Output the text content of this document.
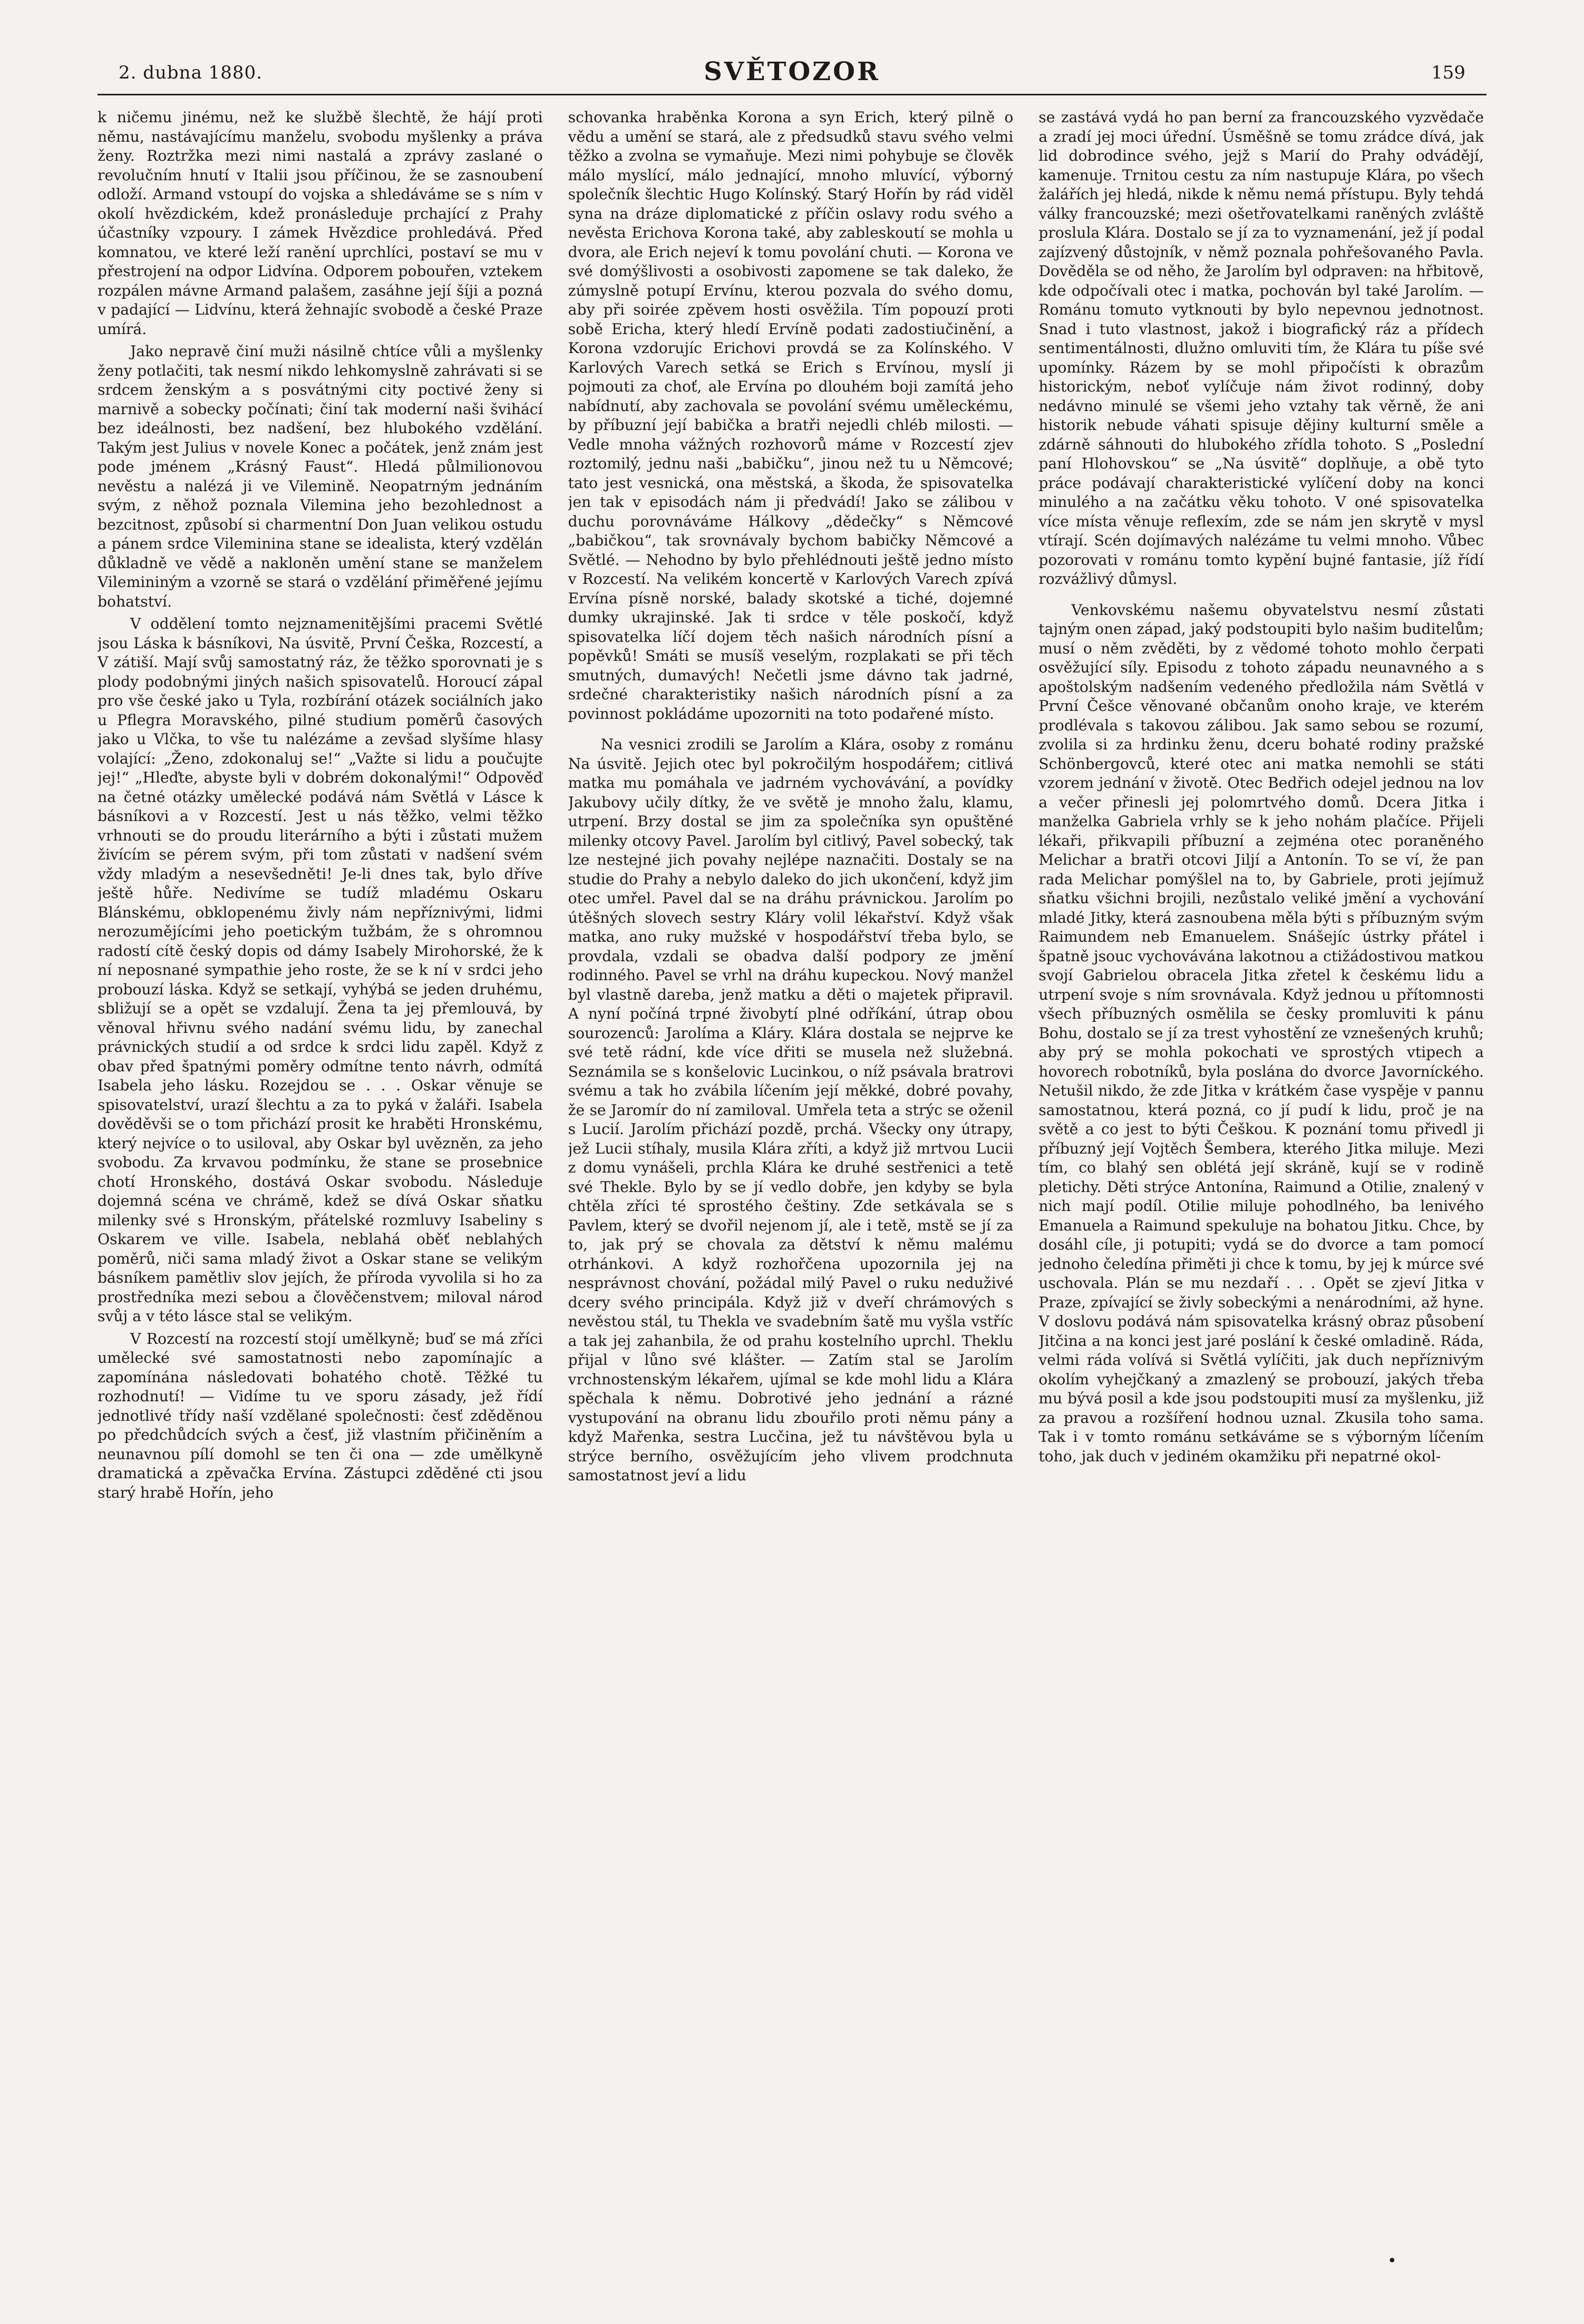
2. dubna 1880.	SVĚTOZOR	159

k ničemu jinému, než ke službě šlechtě, že hájí proti němu, nastávajícímu manželu, svobodu myšlenky a práva ženy. Roztržka mezi nimi nastalá a zprávy zaslané o revolučním hnutí v Italii jsou příčinou, že se zasnoubení odloží. Armand vstoupí do vojska a shledáváme se s ním v okolí hvězdickém, kdež pronásleduje prchající z Prahy účastníky vzpoury. I zámek Hvězdice prohledává. Před komnatou, ve které leží ranění uprchlíci, postaví se mu v přestrojení na odpor Lidvína. Odporem pobouřen, vztekem rozpálen mávne Armand palašem, zasáhne její šíji a pozná v padající — Lidvínu, která žehnajíc svobodě a české Praze umírá.

Jako nepravě činí muži násilně chtíce vůli a myšlenky ženy potlačiti, tak nesmí nikdo lehkomyslně zahrávati si se srdcem ženským a s posvátnými city poctivé ženy si marnivě a sobecky počínati; činí tak moderní naši švihácí bez ideálnosti, bez nadšení, bez hlubokého vzdělání. Takým jest Julius v novele Konec a počátek, jenž znám jest pode jménem „Krásný Faust“. Hledá půlmilionovou nevěstu a nalézá ji ve Vilemině. Neopatrným jednáním svým, z něhož poznala Vilemina jeho bezohlednost a bezcitnost, způsobí si charmentní Don Juan velikou ostudu a pánem srdce Vileminina stane se idealista, který vzdělán důkladně ve vědě a nakloněn umění stane se manželem Vilemininým a vzorně se stará o vzdělání přiměřené jejímu bohatství.

V oddělení tomto nejznamenitějšími pracemi Světlé jsou Láska k básníkovi, Na úsvitě, První Češka, Rozcestí, a V zátiší. Mají svůj samostatný ráz, že těžko sporovnati je s plody podobnými jiných našich spisovatelů. Horoucí zápal pro vše české jako u Tyla, rozbírání otázek sociálních jako u Pflegra Moravského, pilné studium poměrů časových jako u Vlčka, to vše tu nalézáme a zevšad slyšíme hlasy volající: „Ženo, zdokonaluj se!“ „Važte si lidu a poučujte jej!“ „Hleďte, abyste byli v dobrém dokonalými!“ Odpověď na četné otázky umělecké podává nám Světlá v Lásce k básníkovi a v Rozcestí. Jest u nás těžko, velmi těžko vrhnouti se do proudu literárního a býti i zůstati mužem živícím se pérem svým, při tom zůstati v nadšení svém vždy mladým a nesevšedněti! Je-li dnes tak, bylo dříve ještě hůře. Nedivíme se tudíž mladému Oskaru Blánskému, obklopenému živly nám nepříznivými, lidmi nerozumějícími jeho poetickým tužbám, že s ohromnou radostí cítě český dopis od dámy Isabely Mirohorské, že k ní neposnané sympathie jeho roste, že se k ní v srdci jeho probouzí láska. Když se setkají, vyhýbá se jeden druhému, sbližují se a opět se vzdalují. Žena ta jej přemlouvá, by věnoval hřivnu svého nadání svému lidu, by zanechal právnických studií a od srdce k srdci lidu zapěl. Když z obav před špatnými poměry odmítne tento návrh, odmítá Isabela jeho lásku. Rozejdou se . . . Oskar věnuje se spisovatelství, urazí šlechtu a za to pyká v žaláři. Isabela dověděvši se o tom přichází prosit ke hraběti Hronskému, který nejvíce o to usiloval, aby Oskar byl uvězněn, za jeho svobodu. Za krvavou podmínku, že stane se prosebnice chotí Hronského, dostává Oskar svobodu. Následuje dojemná scéna ve chrámě, kdež se dívá Oskar sňatku milenky své s Hronským, přátelské rozmluvy Isabeliny s Oskarem ve ville. Isabela, neblahá oběť neblahých poměrů, niči sama mladý život a Oskar stane se velikým básníkem pamětliv slov jejích, že příroda vyvolila si ho za prostředníka mezi sebou a člověčenstvem; miloval národ svůj a v této lásce stal se velikým.

V Rozcestí na rozcestí stojí umělkyně; buď se má zříci umělecké své samostatnosti nebo zapomínajíc a zapomínána následovati bohatého chotě. Těžké tu rozhodnutí! — Vidíme tu ve sporu zásady, jež řídí jednotlivé třídy naší vzdělané společnosti: česť zděděnou po předchůdcích svých a česť, již vlastním přičiněním a neunavnou pílí domohl se ten či ona — zde umělkyně dramatická a zpěvačka Ervína. Zástupci zděděné cti jsou starý hrabě Hořín, jeho

schovanka hraběnka Korona a syn Erich, který pilně o vědu a umění se stará, ale z předsudků stavu svého velmi těžko a zvolna se vymaňuje. Mezi nimi pohybuje se člověk málo myslící, málo jednající, mnoho mluvící, výborný společník šlechtic Hugo Kolínský. Starý Hořín by rád viděl syna na dráze diplomatické z příčin oslavy rodu svého a nevěsta Erichova Korona také, aby zableskoutí se mohla u dvora, ale Erich nejeví k tomu povolání chuti. — Korona ve své domýšlivosti a osobivosti zapomene se tak daleko, že zúmyslně potupí Ervínu, kterou pozvala do svého domu, aby při soirée zpěvem hosti osvěžila. Tím popouzí proti sobě Ericha, který hledí Ervíně podati zadostiučinění, a Korona vzdorujíc Erichovi provdá se za Kolínského. V Karlových Varech setká se Erich s Ervínou, myslí ji pojmouti za choť, ale Ervína po dlouhém boji zamítá jeho nabídnutí, aby zachovala se povolání svému uměleckému, by příbuzní její babička a bratři nejedli chléb milosti. — Vedle mnoha vážných rozhovorů máme v Rozcestí zjev roztomilý, jednu naši „babičku“, jinou než tu u Němcové; tato jest vesnická, ona městská, a škoda, že spisovatelka jen tak v episodách nám ji předvádí! Jako se zálibou v duchu porovnáváme Hálkovy „dědečky“ s Němcové „babičkou“, tak srovnávaly bychom babičky Němcové a Světlé. — Nehodno by bylo přehlédnouti ještě jedno místo v Rozcestí. Na velikém koncertě v Karlových Varech zpívá Ervína písně norské, balady skotské a tiché, dojemné dumky ukrajinské. Jak ti srdce v těle poskočí, když spisovatelka líčí dojem těch našich národních písní a popěvků! Smáti se musíš veselým, rozplakati se při těch smutných, dumavých! Nečetli jsme dávno tak jadrné, srdečné charakteristiky našich národních písní a za povinnost pokládáme upozorniti na toto podařené místo.

Na vesnici zrodili se Jarolím a Klára, osoby z románu Na úsvitě. Jejich otec byl pokročilým hospodářem; citlivá matka mu pomáhala ve jadrném vychovávání, a povídky Jakubovy učily dítky, že ve světě je mnoho žalu, klamu, utrpení. Brzy dostal se jim za společníka syn opuštěné milenky otcovy Pavel. Jarolím byl citlivý, Pavel sobecký, tak lze nestejné jich povahy nejlépe naznačiti. Dostaly se na studie do Prahy a nebylo daleko do jich ukončení, když jim otec umřel. Pavel dal se na dráhu právnickou. Jarolím po útěšných slovech sestry Kláry volil lékařství. Když však matka, ano ruky mužské v hospodářství třeba bylo, se provdala, vzdali se obadva další podpory ze jmění rodinného. Pavel se vrhl na dráhu kupeckou. Nový manžel byl vlastně dareba, jenž matku a děti o majetek připravil. A nyní počíná trpné živobytí plné odříkání, útrap obou sourozenců: Jarolíma a Kláry. Klára dostala se nejprve ke své tetě rádní, kde více dřiti se musela než služebná. Seznámila se s konšelovic Lucinkou, o níž psávala bratrovi svému a tak ho zvábila líčením její měkké, dobré povahy, že se Jaromír do ní zamiloval. Umřela teta a strýc se oženil s Lucií. Jarolím přichází pozdě, prchá. Všecky ony útrapy, jež Lucii stíhaly, musila Klára zříti, a když již mrtvou Lucii z domu vynášeli, prchla Klára ke druhé sestřenici a tetě své Thekle. Bylo by se jí vedlo dobře, jen kdyby se byla chtěla zříci té sprostého češtiny. Zde setkávala se s Pavlem, který se dvořil nejenom jí, ale i tetě, mstě se jí za to, jak prý se chovala za dětství k němu malému otrhánkovi. A když rozhořčena upozornila jej na nesprávnost chování, požádal milý Pavel o ruku neduživé dcery svého principála. Když již v dveří chrámových s nevěstou stál, tu Thekla ve svadebním šatě mu vyšla vstříc a tak jej zahanbila, že od prahu kostelního uprchl. Theklu přijal v lůno své klášter. — Zatím stal se Jarolím vrchnostenským lékařem, ujímal se kde mohl lidu a Klára spěchala k němu. Dobrotivé jeho jednání a rázné vystupování na obranu lidu zbouřilo proti němu pány a když Mařenka, sestra Lucčina, jež tu návštěvou byla u strýce berního, osvěžujícím jeho vlivem prodchnuta samostatnost jeví a lidu

se zastává vydá ho pan berní za francouzského vyzvědače a zradí jej moci úřední. Úsměšně se tomu zrádce dívá, jak lid dobrodince svého, jejž s Marií do Prahy odvádějí, kamenuje. Trnitou cestu za ním nastupuje Klára, po všech žalářích jej hledá, nikde k němu nemá přístupu. Byly tehdá války francouzské; mezi ošetřovatelkami raněných zvláště proslula Klára. Dostalo se jí za to vyznamenání, jež jí podal zajízvený důstojník, v němž poznala pohřešovaného Pavla. Dověděla se od něho, že Jarolím byl odpraven: na hřbitově, kde odpočívali otec i matka, pochován byl také Jarolím. — Románu tomuto vytknouti by bylo nepevnou jednotnost. Snad i tuto vlastnost, jakož i biografický ráz a přídech sentimentálnosti, dlužno omluviti tím, že Klára tu píše své upomínky. Rázem by se mohl připočísti k obrazům historickým, neboť vylíčuje nám život rodinný, doby nedávno minulé se všemi jeho vztahy tak věrně, že ani historik nebude váhati spisuje dějiny kulturní směle a zdárně sáhnouti do hlubokého zřídla tohoto. S „Poslední paní Hlohovskou“ se „Na úsvitě“ doplňuje, a obě tyto práce podávají charakteristické vylíčení doby na konci minulého a na začátku věku tohoto. V oné spisovatelka více místa věnuje reflexím, zde se nám jen skrytě v mysl vtírají. Scén dojímavých nalézáme tu velmi mnoho. Vůbec pozorovati v románu tomto kypění bujné fantasie, jíž řídí rozvážlivý důmysl.

Venkovskému našemu obyvatelstvu nesmí zůstati tajným onen západ, jaký podstoupiti bylo našim buditelům; musí o něm zvěděti, by z vědomé tohoto mohlo čerpati osvěžující síly. Episodu z tohoto západu neunavného a s apoštolským nadšením vedeného předložila nám Světlá v První Češce věnované občanům onoho kraje, ve kterém prodlévala s takovou zálibou. Jak samo sebou se rozumí, zvolila si za hrdinku ženu, dceru bohaté rodiny pražské Schönbergovců, které otec ani matka nemohli se státi vzorem jednání v životě. Otec Bedřich odejel jednou na lov a večer přinesli jej polomrtvého domů. Dcera Jitka i manželka Gabriela vrhly se k jeho nohám plačíce. Přijeli lékaři, přikvapili příbuzní a zejména otec poraněného Melichar a bratři otcovi Jiljí a Antonín. To se ví, že pan rada Melichar pomýšlel na to, by Gabriele, proti jejímuž sňatku všichni brojili, nezůstalo veliké jmění a vychování mladé Jitky, která zasnoubena měla býti s příbuzným svým Raimundem neb Emanuelem. Snášejíc ústrky přátel i špatně jsouc vychovávána lakotnou a ctižádostivou matkou svojí Gabrielou obracela Jitka zřetel k českému lidu a utrpení svoje s ním srovnávala. Když jednou u přítomnosti všech příbuzných osmělila se česky promluviti k pánu Bohu, dostalo se jí za trest vyhostění ze vznešených kruhů; aby prý se mohla pokochati ve sprostých vtipech a hovorech robotníků, byla poslána do dvorce Javorníckého. Netušil nikdo, že zde Jitka v krátkém čase vyspěje v pannu samostatnou, která pozná, co jí pudí k lidu, proč je na světě a co jest to býti Češkou. K poznání tomu přivedl ji příbuzný její Vojtěch Šembera, kterého Jitka miluje. Mezi tím, co blahý sen oblétá její skráně, kují se v rodině pletichy. Děti strýce Antonína, Raimund a Otilie, znalený v nich mají podíl. Otilie miluje pohodlného, ba lenivého Emanuela a Raimund spekuluje na bohatou Jitku. Chce, by dosáhl cíle, ji potupiti; vydá se do dvorce a tam pomocí jednoho čeledína přiměti ji chce k tomu, by jej k múrce své uschovala. Plán se mu nezdaří . . . Opět se zjeví Jitka v Praze, zpívající se živly sobeckými a nenárodními, až hyne. V doslovu podává nám spisovatelka krásný obraz působení Jitčina a na konci jest jaré poslání k české omladině. Ráda, velmi ráda volívá si Světlá vylíčiti, jak duch nepříznivým okolím vyhejčkaný a zmazlený se probouzí, jakých třeba mu bývá posil a kde jsou podstoupiti musí za myšlenku, již za pravou a rozšíření hodnou uznal. Zkusila toho sama. Tak i v tomto románu setkáváme se s výborným líčením toho, jak duch v jediném okamžiku při nepatrné okol-

•
